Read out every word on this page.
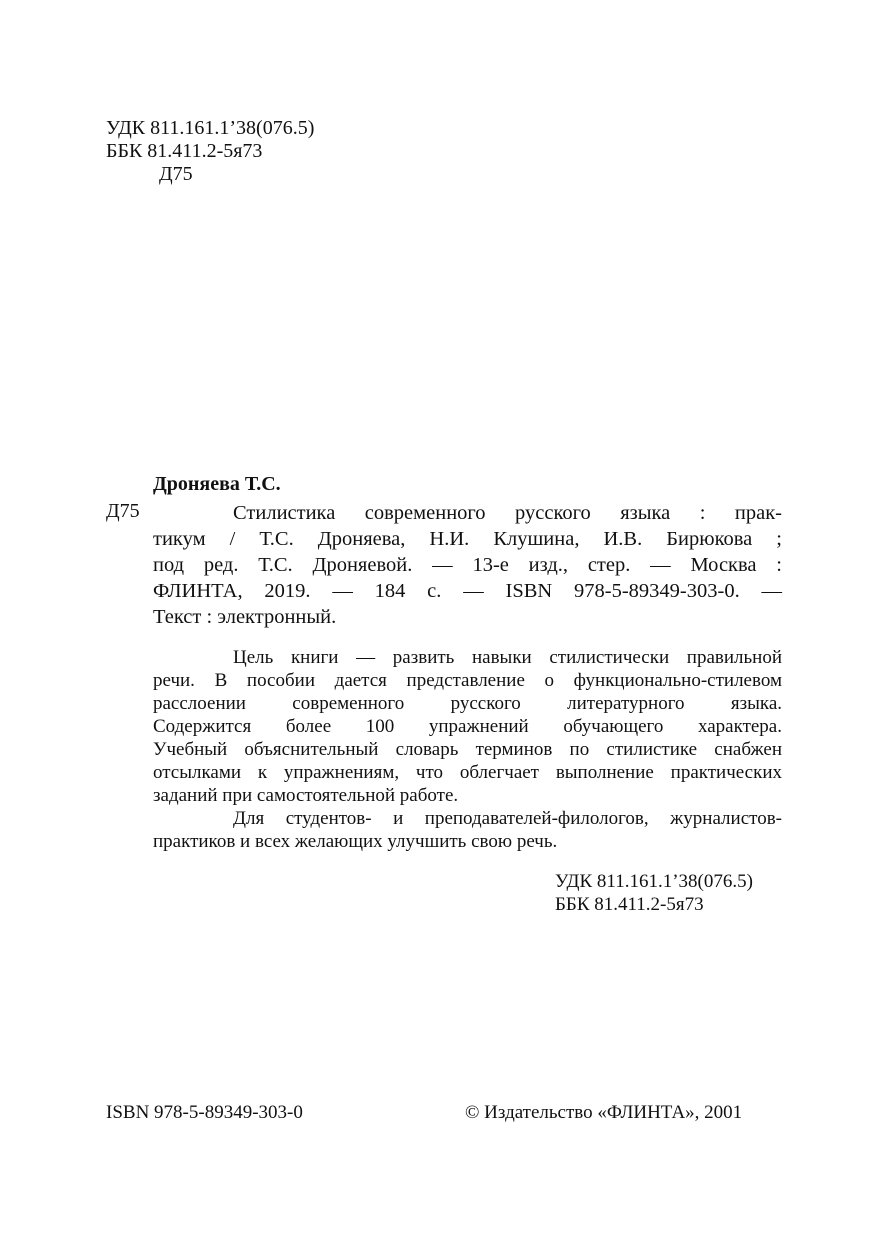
УДК 811.161.1’38(076.5)
ББК 81.411.2-5я73
Д75
Дроняева Т.С.
Д75	Стилистика современного русского языка : прак-
тикум / Т.С. Дроняева, Н.И. Клушина, И.В. Бирюкова ;
под ред. Т.С. Дроняевой. — 13-е изд., стер. — Москва :
ФЛИНТА, 2019. — 184 с. — ISBN 978-5-89349-303-0. —
Текст : электронный.
Цель книги — развить навыки стилистически правильной
речи. В пособии дается представление о функционально-стилевом
расслоении современного русского литературного языка.
Содержится более 100 упражнений обучающего характера.
Учебный объяснительный словарь терминов по стилистике снабжен
отсылками к упражнениям, что облегчает выполнение практических
заданий при самостоятельной работе.
Для студентов- и преподавателей-филологов, журналистов-
практиков и всех желающих улучшить свою речь.
УДК 811.161.1’38(076.5)
ББК 81.411.2-5я73
ISBN 978-5-89349-303-0	© Издательство «ФЛИНТА», 2001
